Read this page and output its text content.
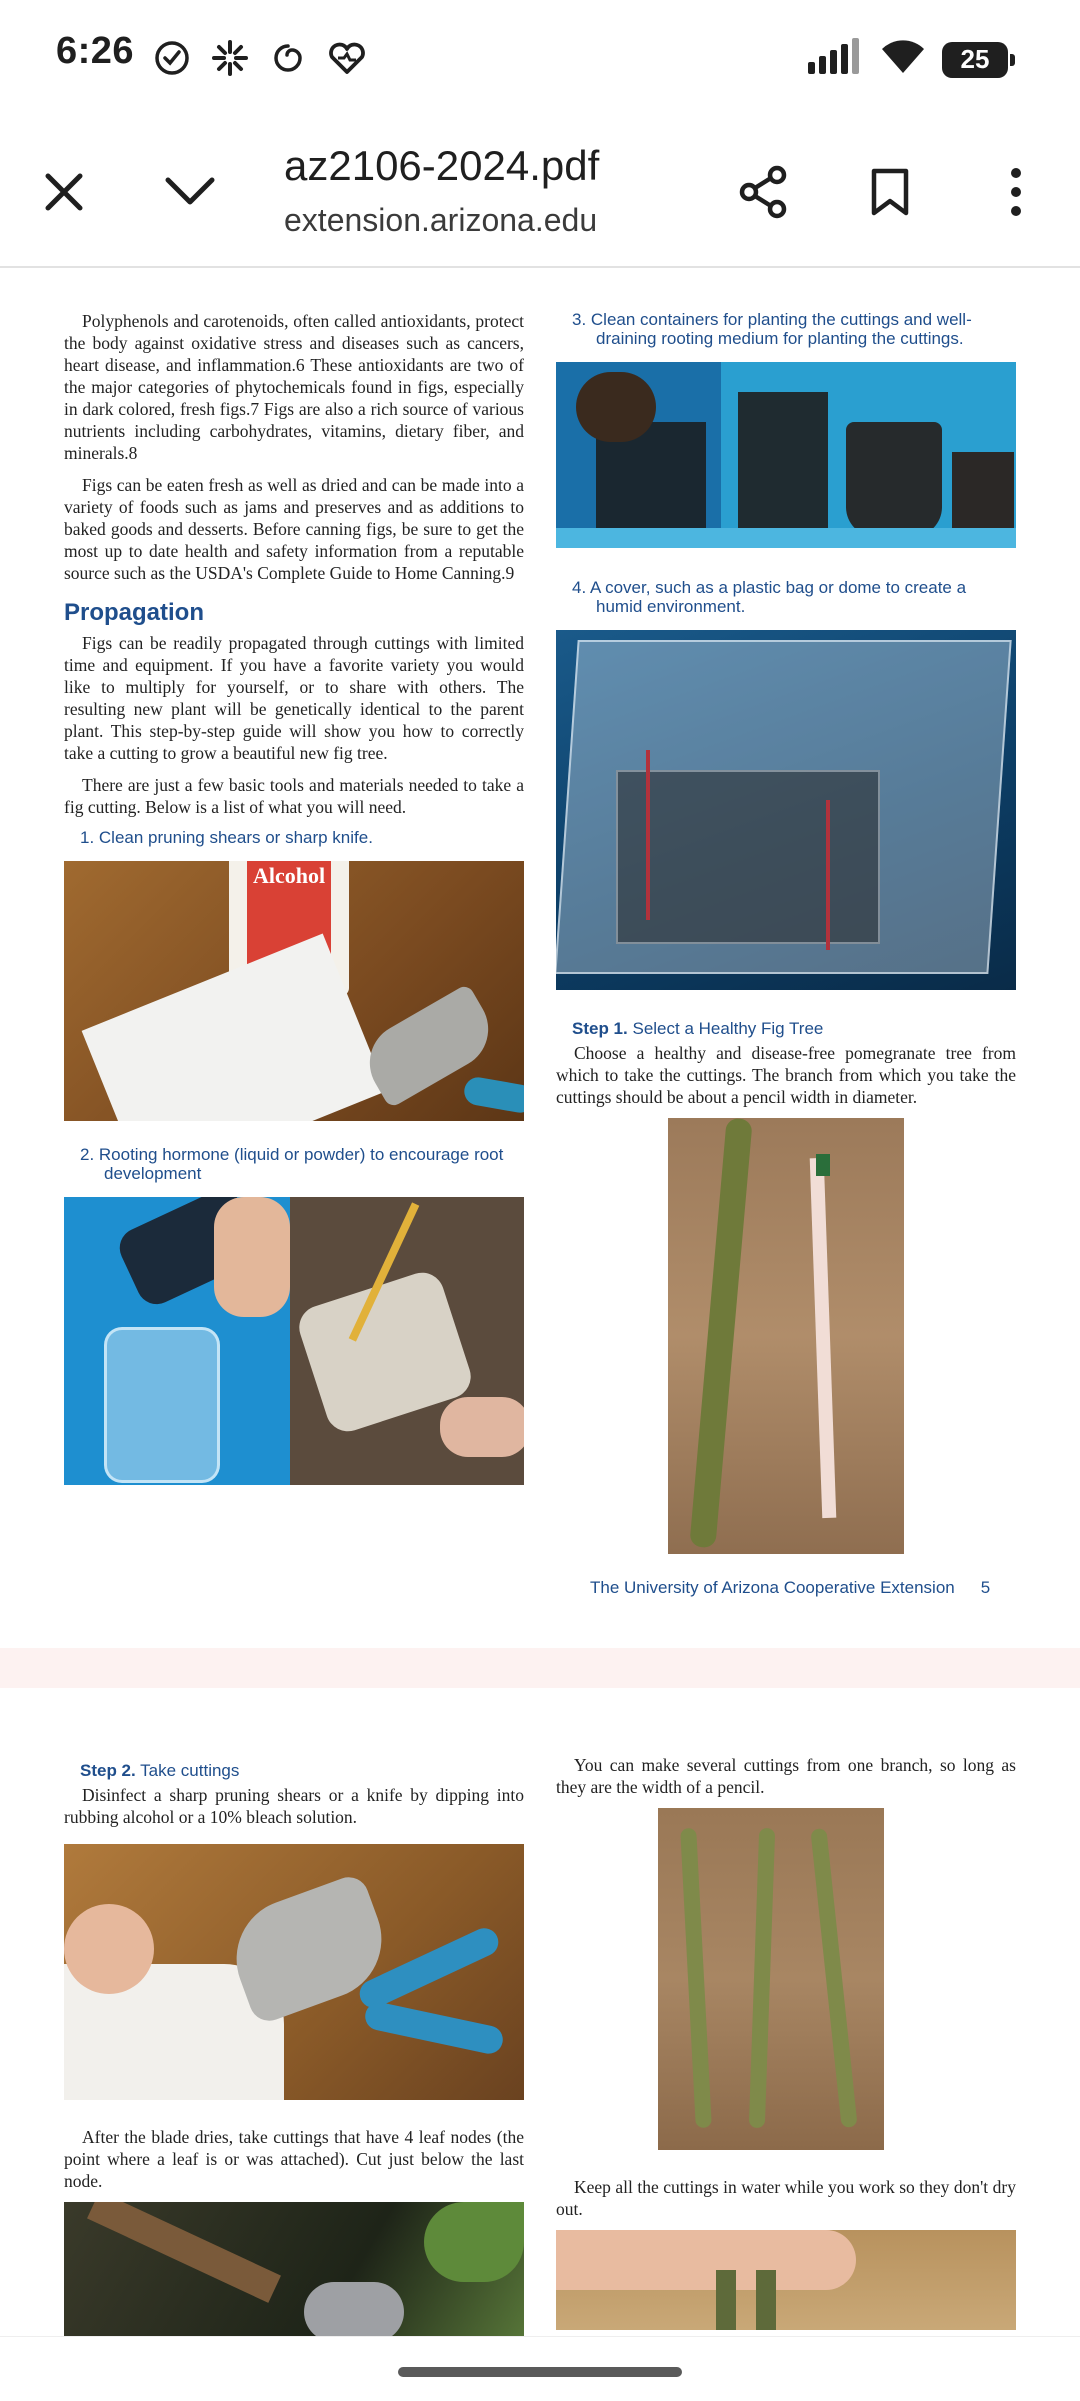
6:26	25
az2106-2024.pdf
extension.arizona.edu

Polyphenols and carotenoids, often called antioxidants, protect the body against oxidative stress and diseases such as cancers, heart disease, and inflammation.6 These antioxidants are two of the major categories of phytochemicals found in figs, especially in dark colored, fresh figs.7 Figs are also a rich source of various nutrients including carbohydrates, vitamins, dietary fiber, and minerals.8

Figs can be eaten fresh as well as dried and can be made into a variety of foods such as jams and preserves and as additions to baked goods and desserts. Before canning figs, be sure to get the most up to date health and safety information from a reputable source such as the USDA's Complete Guide to Home Canning.9

Propagation

Figs can be readily propagated through cuttings with limited time and equipment. If you have a favorite variety you would like to multiply for yourself, or to share with others. The resulting new plant will be genetically identical to the parent plant. This step-by-step guide will show you how to correctly take a cutting to grow a beautiful new fig tree.

There are just a few basic tools and materials needed to take a fig cutting. Below is a list of what you will need.

1. Clean pruning shears or sharp knife.
Alcohol
2. Rooting hormone (liquid or powder) to encourage root development
3. Clean containers for planting the cuttings and well-draining rooting medium for planting the cuttings.
4. A cover, such as a plastic bag or dome to create a humid environment.
Step 1. Select a Healthy Fig Tree

Choose a healthy and disease-free pomegranate tree from which to take the cuttings. The branch from which you take the cuttings should be about a pencil width in diameter.

The University of Arizona Cooperative Extension 5
Step 2. Take cuttings

Disinfect a sharp pruning shears or a knife by dipping into rubbing alcohol or a 10% bleach solution.

After the blade dries, take cuttings that have 4 leaf nodes (the point where a leaf is or was attached). Cut just below the last node.

You can make several cuttings from one branch, so long as they are the width of a pencil.

Keep all the cuttings in water while you work so they don't dry out.
